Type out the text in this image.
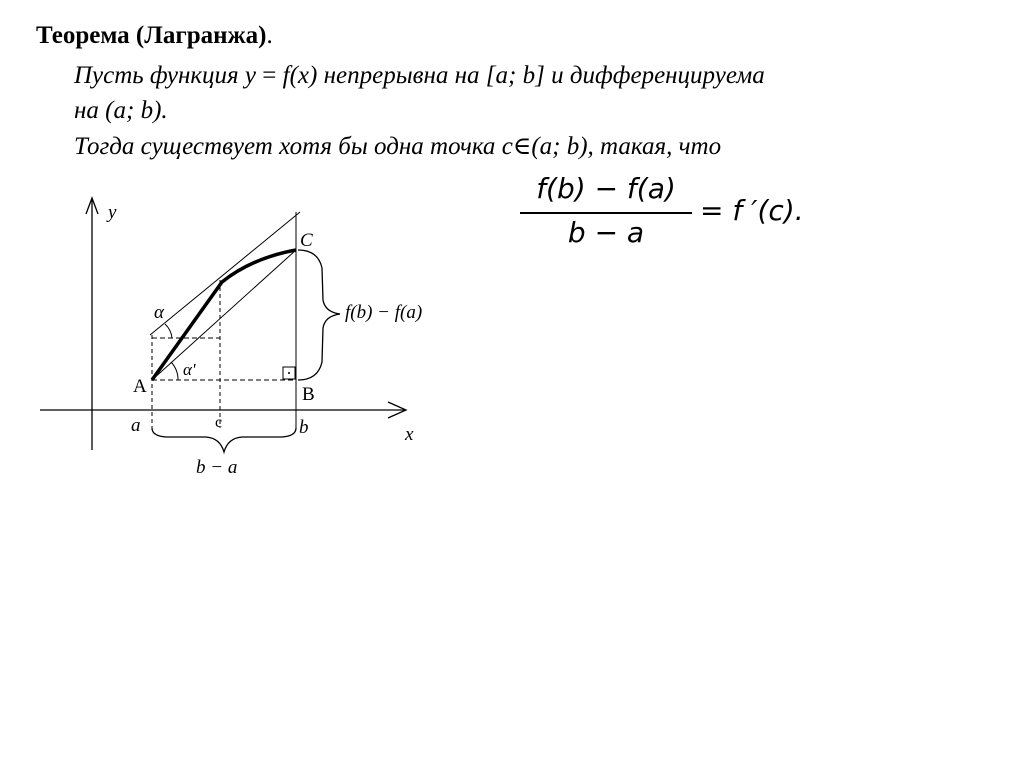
Теорема (Лагранжа).
Пусть функция y = f(x) непрерывна на [a; b] и дифференцируема
на (a; b).
Тогда существует хотя бы одна точка c∈(a; b), такая, что
f(b) − f(a)
b − a
= f ′(c).
y
x
A	B
C
α
α'
a	c	b
b − a
f(b) − f(a)
